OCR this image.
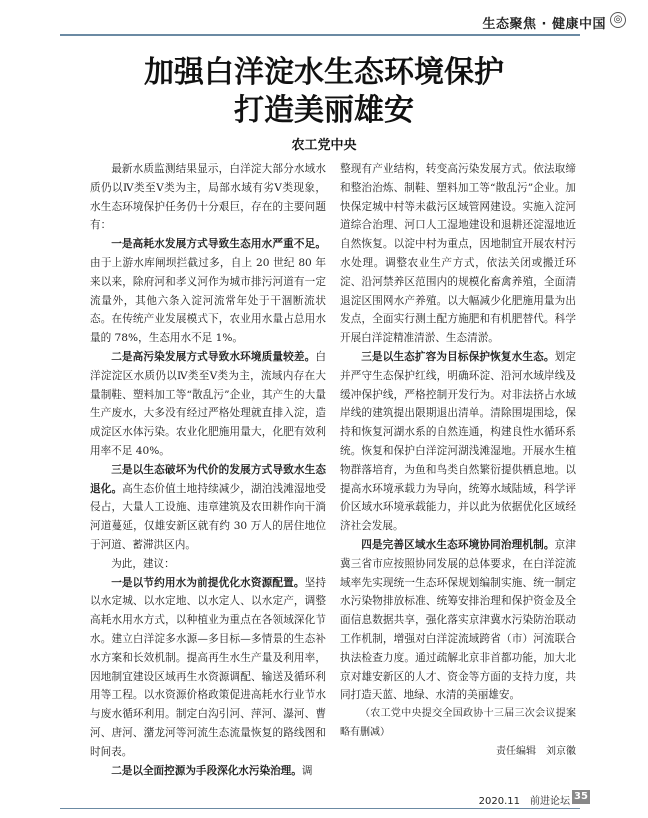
生态聚焦 · 健康中国 ◎
加强白洋淀水生态环境保护
打造美丽雄安
农工党中央

最新水质监测结果显示，白洋淀大部分水域水质仍以Ⅳ类至Ⅴ类为主，局部水域有劣Ⅴ类现象，水生态环境保护任务仍十分艰巨，存在的主要问题有：

一是高耗水发展方式导致生态用水严重不足。由于上游水库闸坝拦截过多，自上 20 世纪 80 年来以来，除府河和孝义河作为城市排污河道有一定流量外，其他六条入淀河流常年处于干涸断流状态。在传统产业发展模式下，农业用水量占总用水量的 78%，生态用水不足 1%。

二是高污染发展方式导致水环境质量较差。白洋淀淀区水质仍以Ⅳ类至Ⅴ类为主，流域内存在大量制鞋、塑料加工等“散乱污”企业，其产生的大量生产废水，大多没有经过严格处理就直排入淀，造成淀区水体污染。农业化肥施用量大，化肥有效利用率不足 40%。

三是以生态破坏为代价的发展方式导致水生态退化。高生态价值土地持续减少，湖泊浅滩湿地受侵占，大量人工设施、违章建筑及农田耕作向干淌河道蔓延，仅雄安新区就有约 30 万人的居住地位于河道、蓄滞洪区内。

为此，建议：

一是以节约用水为前提优化水资源配置。坚持以水定城、以水定地、以水定人、以水定产，调整高耗水用水方式，以种植业为重点在各领域深化节水。建立白洋淀多水源—多目标—多情景的生态补水方案和长效机制。提高再生水生产量及利用率，因地制宜建设区域再生水资源调配、输送及循环利用等工程。以水资源价格政策促进高耗水行业节水与废水循环利用。制定白沟引河、萍河、瀑河、曹河、唐河、潴龙河等河流生态流量恢复的路线图和时间表。

二是以全面控源为手段深化水污染治理。调

整现有产业结构，转变高污染发展方式。依法取缔和整治治炼、制鞋、塑料加工等“散乱污”企业。加快保定城中村等未截污区域管网建设。实施入淀河道综合治理、河口人工湿地建设和退耕还淀湿地近自然恢复。以淀中村为重点，因地制宜开展农村污水处理。调整农业生产方式，依法关闭或搬迁环淀、沿河禁养区范围内的规模化畜禽养殖，全面清退淀区围网水产养殖。以大幅减少化肥施用量为出发点，全面实行测土配方施肥和有机肥替代。科学开展白洋淀精准清淤、生态清淤。

三是以生态扩容为目标保护恢复水生态。划定并严守生态保护红线，明确环淀、沿河水域岸线及缓冲保护线，严格控制开发行为。对非法挤占水域岸线的建筑提出限期退出清单。清除围堤围埝，保持和恢复河湖水系的自然连通，构建良性水循环系统。恢复和保护白洋淀河湖浅滩湿地。开展水生植物群落培育，为鱼和鸟类自然繁衍提供栖息地。以提高水环境承载力为导向，统筹水域陆域，科学评价区域水环境承载能力，并以此为依据优化区域经济社会发展。

四是完善区域水生态环境协同治理机制。京津冀三省市应按照协同发展的总体要求，在白洋淀流域率先实现统一生态环保规划编制实施、统一制定水污染物排放标准、统筹安排治理和保护资金及全面信息数据共享，强化落实京津冀水污染防治联动工作机制，增强对白洋淀流域跨省（市）河流联合执法检查力度。通过疏解北京非首都功能，加大北京对雄安新区的人才、资金等方面的支持力度，共同打造天蓝、地绿、水清的美丽雄安。

（农工党中央提交全国政协十三届三次会议提案略有删减）

责任编辑　刘京徽

2020.11　前进论坛 35
